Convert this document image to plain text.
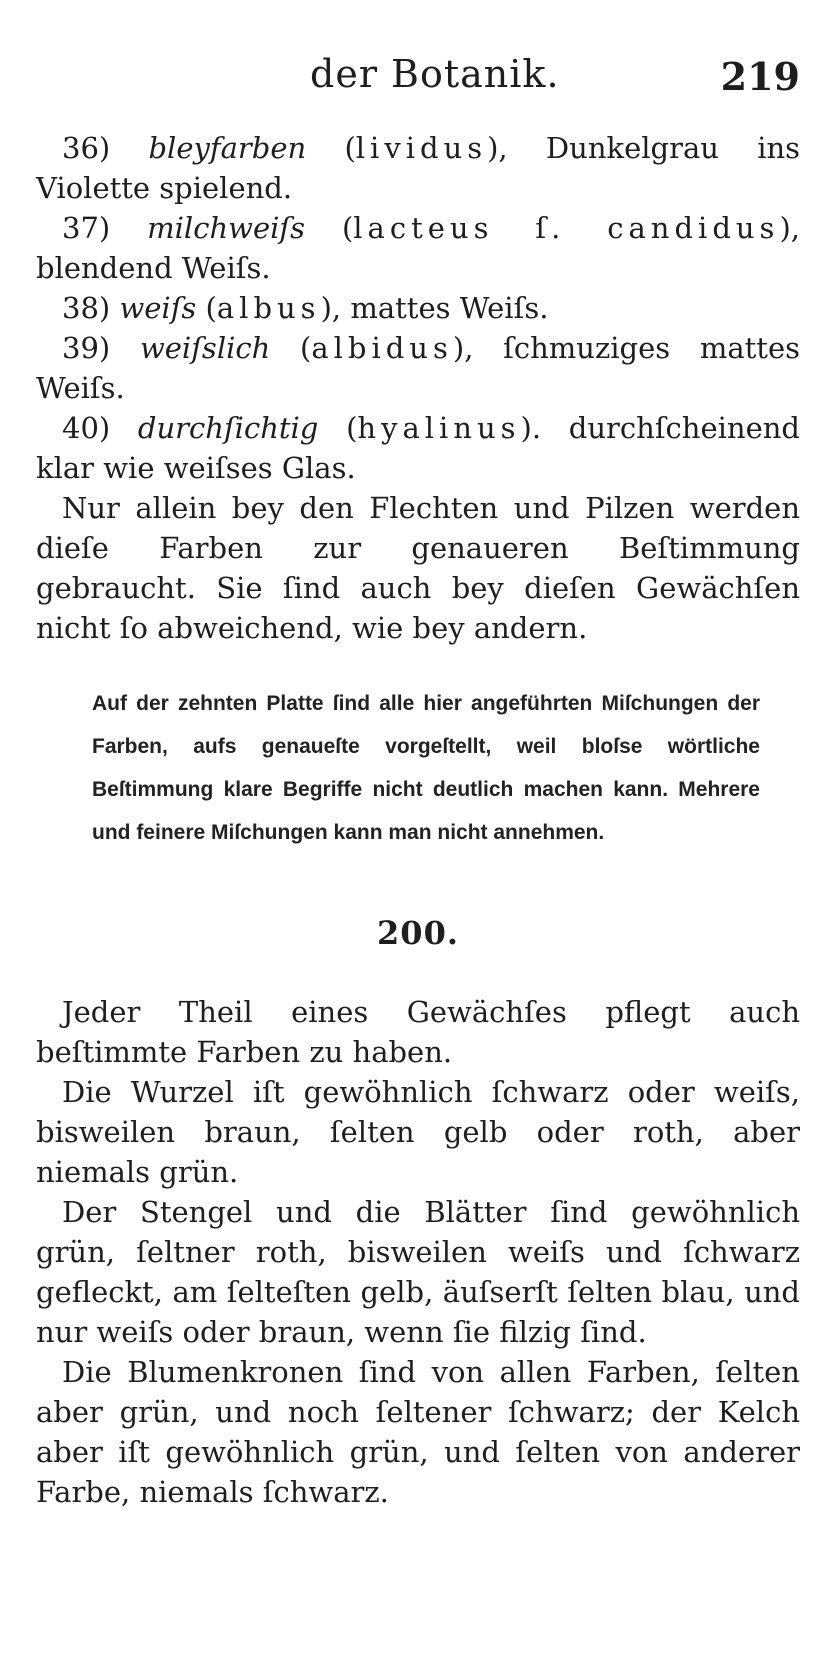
der Botanik.	219

36) bleyfarben (lividus), Dunkelgrau ins Violette spielend.

37) milchweiſs (lacteus ſ. candidus), blendend Weiſs.

38) weiſs (albus), mattes Weiſs.

39) weiſslich (albidus), ſchmuziges mattes Weiſs.

40) durchſichtig (hyalinus). durchſcheinend klar wie weiſses Glas.

Nur allein bey den Flechten und Pilzen werden dieſe Farben zur genaueren Beſtimmung gebraucht. Sie ſind auch bey dieſen Gewächſen nicht ſo abweichend, wie bey andern.

Auf der zehnten Platte ſind alle hier angeführten Miſchungen der Farben, aufs genaueſte vorgeſtellt, weil bloſse wörtliche Beſtimmung klare Begriffe nicht deutlich machen kann. Mehrere und feinere Miſchungen kann man nicht annehmen.
200.

Jeder Theil eines Gewächſes pflegt auch beſtimmte Farben zu haben.

Die Wurzel iſt gewöhnlich ſchwarz oder weiſs, bisweilen braun, ſelten gelb oder roth, aber niemals grün.

Der Stengel und die Blätter ſind gewöhnlich grün, ſeltner roth, bisweilen weiſs und ſchwarz gefleckt, am ſelteſten gelb, äuſserſt ſelten blau, und nur weiſs oder braun, wenn ſie filzig ſind.

Die Blumenkronen ſind von allen Farben, ſelten aber grün, und noch ſeltener ſchwarz; der Kelch aber iſt gewöhnlich grün, und ſelten von anderer Farbe, niemals ſchwarz.
